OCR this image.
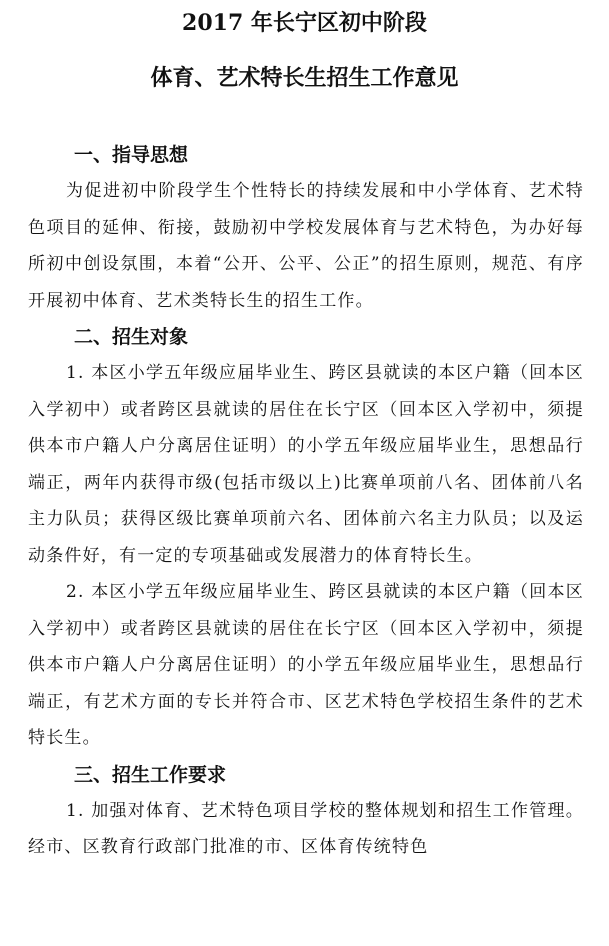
2017 年长宁区初中阶段
体育、艺术特长生招生工作意见
一、指导思想

为促进初中阶段学生个性特长的持续发展和中小学体育、艺术特色项目的延伸、衔接，鼓励初中学校发展体育与艺术特色，为办好每所初中创设氛围，本着“公开、公平、公正”的招生原则，规范、有序开展初中体育、艺术类特长生的招生工作。

二、招生对象

1. 本区小学五年级应届毕业生、跨区县就读的本区户籍（回本区入学初中）或者跨区县就读的居住在长宁区（回本区入学初中，须提供本市户籍人户分离居住证明）的小学五年级应届毕业生，思想品行端正，两年内获得市级(包括市级以上)比赛单项前八名、团体前八名主力队员；获得区级比赛单项前六名、团体前六名主力队员；以及运动条件好，有一定的专项基础或发展潜力的体育特长生。

2. 本区小学五年级应届毕业生、跨区县就读的本区户籍（回本区入学初中）或者跨区县就读的居住在长宁区（回本区入学初中，须提供本市户籍人户分离居住证明）的小学五年级应届毕业生，思想品行端正，有艺术方面的专长并符合市、区艺术特色学校招生条件的艺术特长生。

三、招生工作要求

1. 加强对体育、艺术特色项目学校的整体规划和招生工作管理。经市、区教育行政部门批准的市、区体育传统特色
